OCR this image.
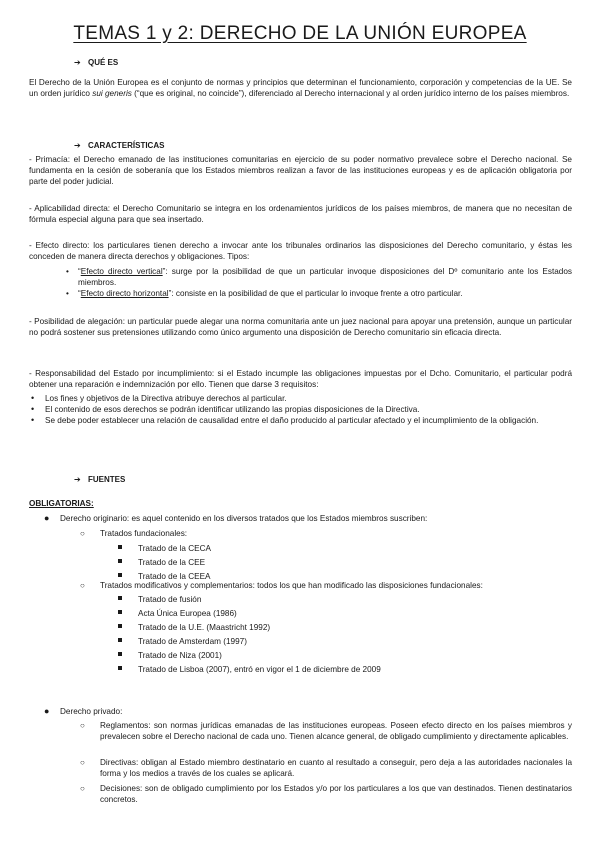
TEMAS 1 y 2: DERECHO DE LA UNIÓN EUROPEA
➔ QUÉ ES

El Derecho de la Unión Europea es el conjunto de normas y principios que determinan el funcionamiento, corporación y competencias de la UE. Se un orden jurídico sui generis (“que es original, no coincide”), diferenciado al Derecho internacional y al orden jurídico interno de los países miembros.

➔ CARACTERÍSTICAS
- Primacía: el Derecho emanado de las instituciones comunitarias en ejercicio de su poder normativo prevalece sobre el Derecho nacional. Se fundamenta en la cesión de soberanía que los Estados miembros realizan a favor de las instituciones europeas y es de aplicación obligatoria por parte del poder judicial.
- Aplicabilidad directa: el Derecho Comunitario se integra en los ordenamientos jurídicos de los países miembros, de manera que no necesitan de fórmula especial alguna para que sea insertado.
- Efecto directo: los particulares tienen derecho a invocar ante los tribunales ordinarios las disposiciones del Derecho comunitario, y éstas les conceden de manera directa derechos y obligaciones. Tipos:
• “Efecto directo vertical”: surge por la posibilidad de que un particular invoque disposiciones del Dº comunitario ante los Estados miembros.
• “Efecto directo horizontal”: consiste en la posibilidad de que el particular lo invoque frente a otro particular.
- Posibilidad de alegación: un particular puede alegar una norma comunitaria ante un juez nacional para apoyar una pretensión, aunque un particular no podrá sostener sus pretensiones utilizando como único argumento una disposición de Derecho comunitario sin eficacia directa.
- Responsabilidad del Estado por incumplimiento: si el Estado incumple las obligaciones impuestas por el Dcho. Comunitario, el particular podrá obtener una reparación e indemnización por ello. Tienen que darse 3 requisitos:
• Los fines y objetivos de la Directiva atribuye derechos al particular.
• El contenido de esos derechos se podrán identificar utilizando las propias disposiciones de la Directiva.
• Se debe poder establecer una relación de causalidad entre el daño producido al particular afectado y el incumplimiento de la obligación.
➔ FUENTES
OBLIGATORIAS:
●	Derecho originario: es aquel contenido en los diversos tratados que los Estados miembros suscriben:
○	Tratados fundacionales:
Tratado de la CECA
Tratado de la CEE
Tratado de la CEEA
○	Tratados modificativos y complementarios: todos los que han modificado las disposiciones fundacionales:
Tratado de fusión
Acta Única Europea (1986)
Tratado de la U.E. (Maastricht 1992)
Tratado de Amsterdam (1997)
Tratado de Niza (2001)
Tratado de Lisboa (2007), entró en vigor el 1 de diciembre de 2009
●	Derecho privado:
○	Reglamentos: son normas jurídicas emanadas de las instituciones europeas. Poseen efecto directo en los países miembros y prevalecen sobre el Derecho nacional de cada uno. Tienen alcance general, de obligado cumplimiento y directamente aplicables.
○	Directivas: obligan al Estado miembro destinatario en cuanto al resultado a conseguir, pero deja a las autoridades nacionales la forma y los medios a través de los cuales se aplicará.
○	Decisiones: son de obligado cumplimiento por los Estados y/o por los particulares a los que van destinados. Tienen destinatarios concretos.
